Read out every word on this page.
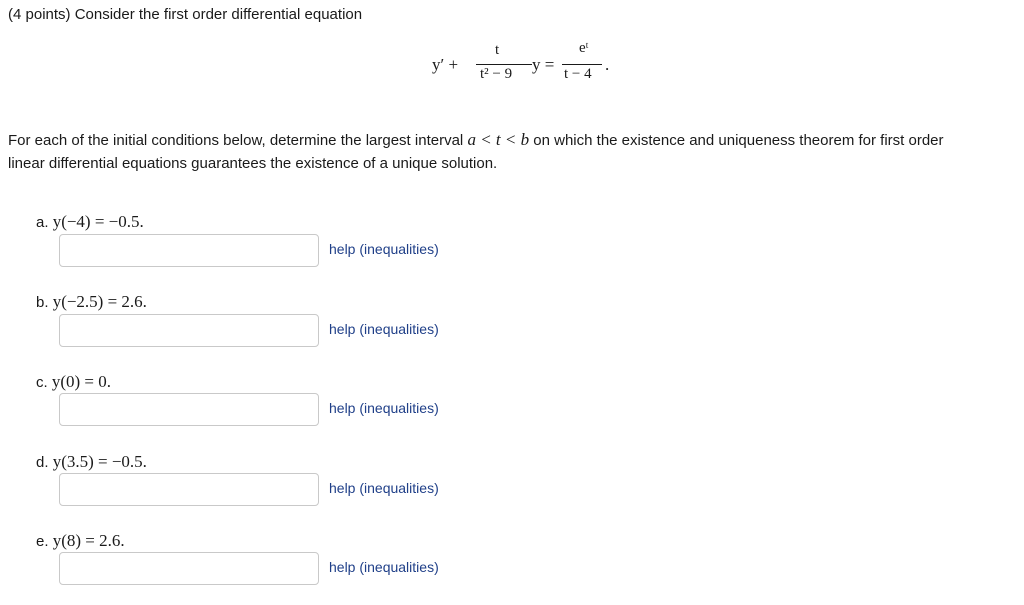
(4 points) Consider the first order differential equation
y′ +
t
t² − 9 y =
eᵗ
t − 4 .
For each of the initial conditions below, determine the largest interval a < t < b on which the existence and uniqueness theorem for first order
linear differential equations guarantees the existence of a unique solution.
a. y(−4) = −0.5.
help (inequalities)
b. y(−2.5) = 2.6.
help (inequalities)
c. y(0) = 0.
help (inequalities)
d. y(3.5) = −0.5.
help (inequalities)
e. y(8) = 2.6.
help (inequalities)
